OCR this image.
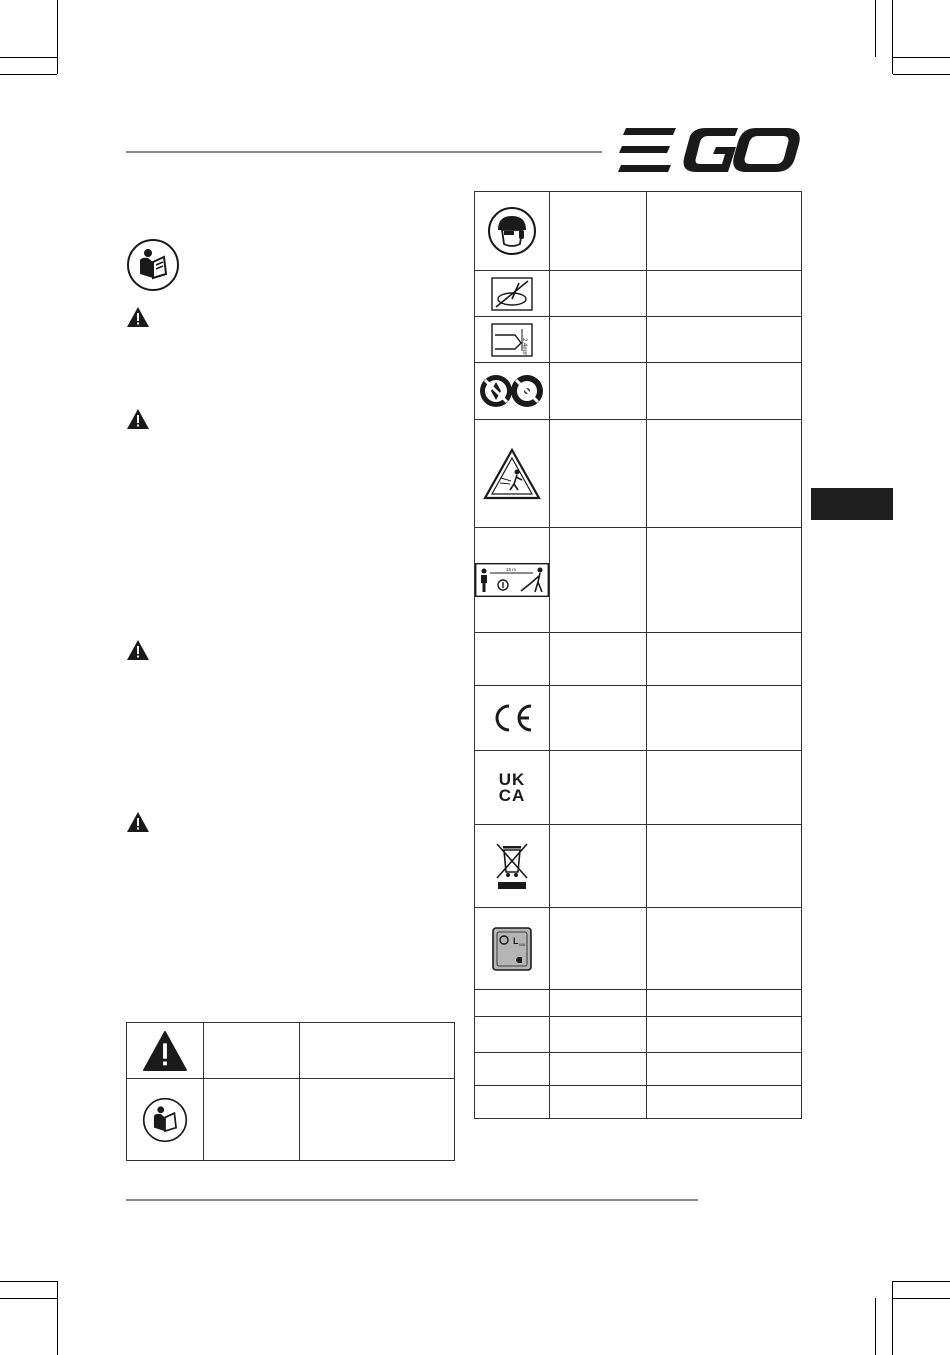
2,4mm		

15 m		

UK
CA		

L WA		
